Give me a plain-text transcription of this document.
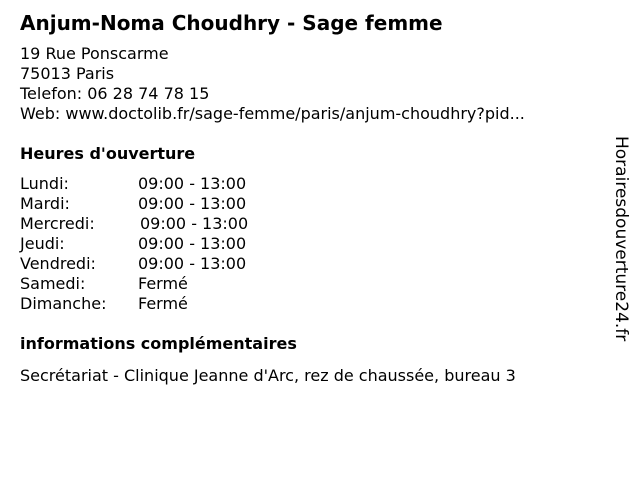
Anjum-Noma Choudhry - Sage femme
19 Rue Ponscarme
75013 Paris
Telefon: 06 28 74 78 15
Web: www.doctolib.fr/sage-femme/paris/anjum-choudhry?pid...
Heures d'ouverture
Lundi:	09:00 - 13:00
Mardi:	09:00 - 13:00
Mercredi:	09:00 - 13:00
Jeudi:	09:00 - 13:00
Vendredi:	09:00 - 13:00
Samedi:	Fermé
Dimanche:	Fermé
informations complémentaires
Secrétariat - Clinique Jeanne d'Arc, rez de chaussée, bureau 3
Horairesdouverture24.fr
